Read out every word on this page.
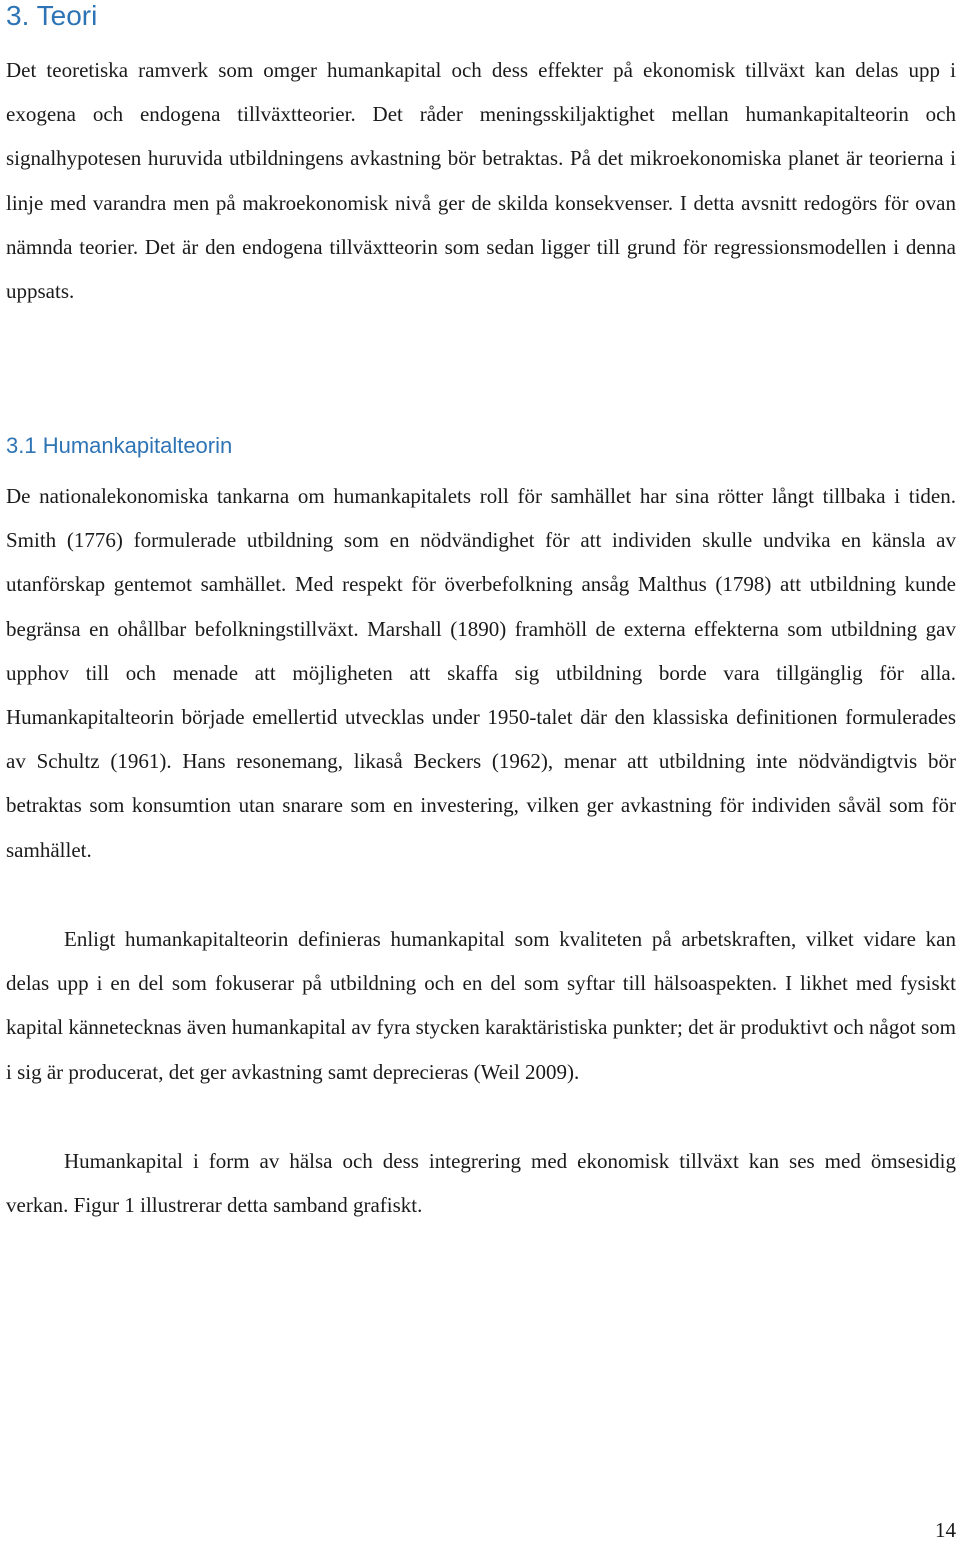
3. Teori

Det teoretiska ramverk som omger humankapital och dess effekter på ekonomisk tillväxt kan delas upp i exogena och endogena tillväxtteorier. Det råder meningsskiljaktighet mellan humankapitalteorin och signalhypotesen huruvida utbildningens avkastning bör betraktas. På det mikroekonomiska planet är teorierna i linje med varandra men på makroekonomisk nivå ger de skilda konsekvenser. I detta avsnitt redogörs för ovan nämnda teorier. Det är den endogena tillväxtteorin som sedan ligger till grund för regressionsmodellen i denna uppsats.

3.1 Humankapitalteorin

De nationalekonomiska tankarna om humankapitalets roll för samhället har sina rötter långt tillbaka i tiden. Smith (1776) formulerade utbildning som en nödvändighet för att individen skulle undvika en känsla av utanförskap gentemot samhället. Med respekt för överbefolkning ansåg Malthus (1798) att utbildning kunde begränsa en ohållbar befolkningstillväxt. Marshall (1890) framhöll de externa effekterna som utbildning gav upphov till och menade att möjligheten att skaffa sig utbildning borde vara tillgänglig för alla. Humankapitalteorin började emellertid utvecklas under 1950-talet där den klassiska definitionen formulerades av Schultz (1961). Hans resonemang, likaså Beckers (1962), menar att utbildning inte nödvändigtvis bör betraktas som konsumtion utan snarare som en investering, vilken ger avkastning för individen såväl som för samhället.

Enligt humankapitalteorin definieras humankapital som kvaliteten på arbetskraften, vilket vidare kan delas upp i en del som fokuserar på utbildning och en del som syftar till hälsoaspekten. I likhet med fysiskt kapital kännetecknas även humankapital av fyra stycken karaktäristiska punkter; det är produktivt och något som i sig är producerat, det ger avkastning samt deprecieras (Weil 2009).

Humankapital i form av hälsa och dess integrering med ekonomisk tillväxt kan ses med ömsesidig verkan. Figur 1 illustrerar detta samband grafiskt.

14
